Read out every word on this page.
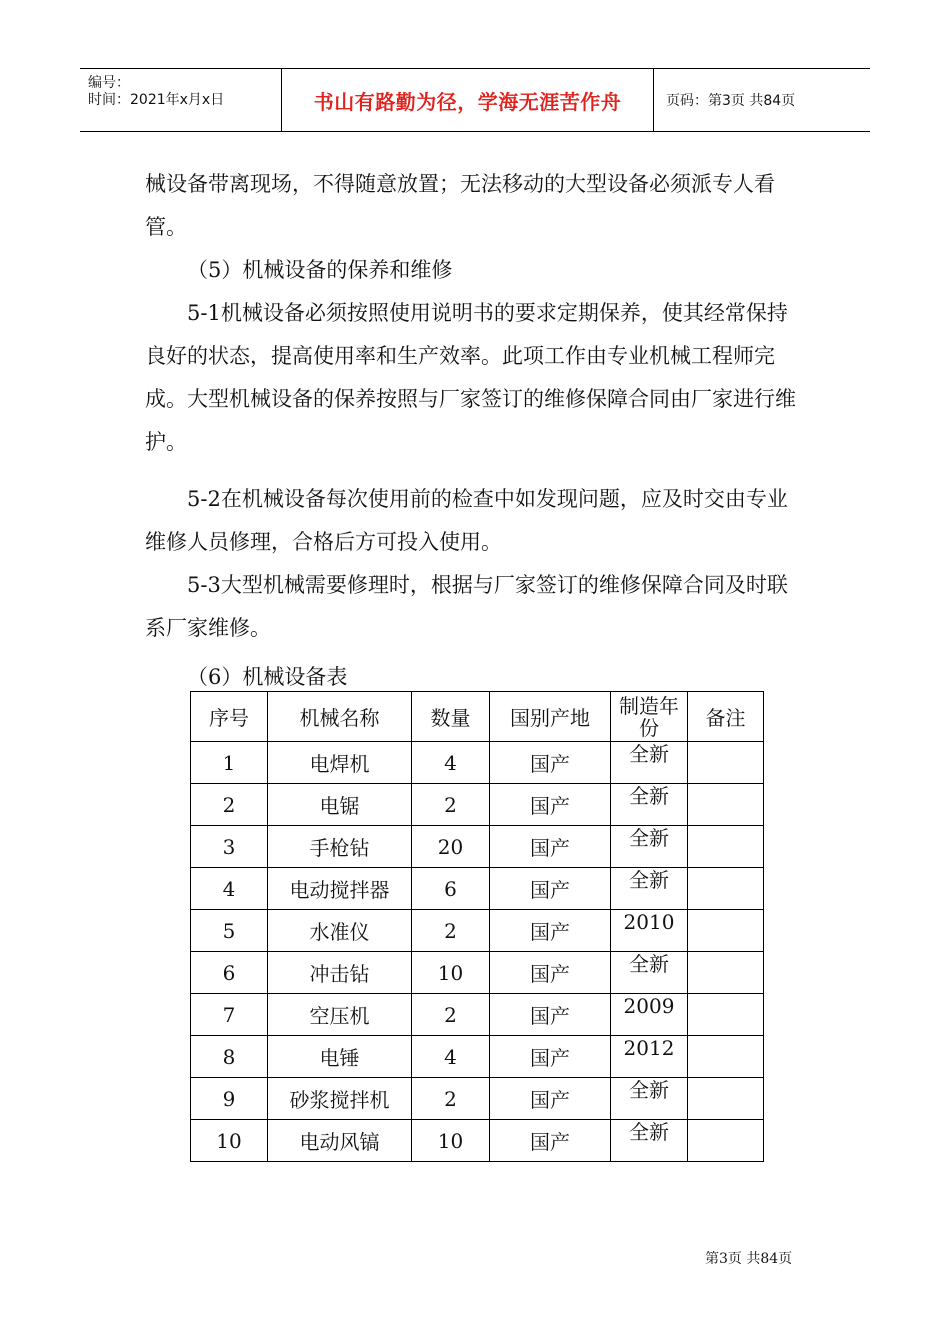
编号：
时间：2021年x月x日	书山有路勤为径，学海无涯苦作舟	页码：第3页 共84页
械设备带离现场，不得随意放置；无法移动的大型设备必须派专人看管。
（5）机械设备的保养和维修
5-1机械设备必须按照使用说明书的要求定期保养，使其经常保持良好的状态，提高使用率和生产效率。此项工作由专业机械工程师完成。大型机械设备的保养按照与厂家签订的维修保障合同由厂家进行维护。
5-2在机械设备每次使用前的检查中如发现问题，应及时交由专业维修人员修理，合格后方可投入使用。
5-3大型机械需要修理时，根据与厂家签订的维修保障合同及时联系厂家维修。
（6）机械设备表
序号	机械名称	数量	国别产地	制造年份	备注
1	电焊机	4	国产	全新	
2	电锯	2	国产	全新	
3	手枪钻	20	国产	全新	
4	电动搅拌器	6	国产	全新	
5	水准仪	2	国产	2010	
6	冲击钻	10	国产	全新	
7	空压机	2	国产	2009	
8	电锤	4	国产	2012	
9	砂浆搅拌机	2	国产	全新	
10	电动风镐	10	国产	全新	
第3页 共84页
